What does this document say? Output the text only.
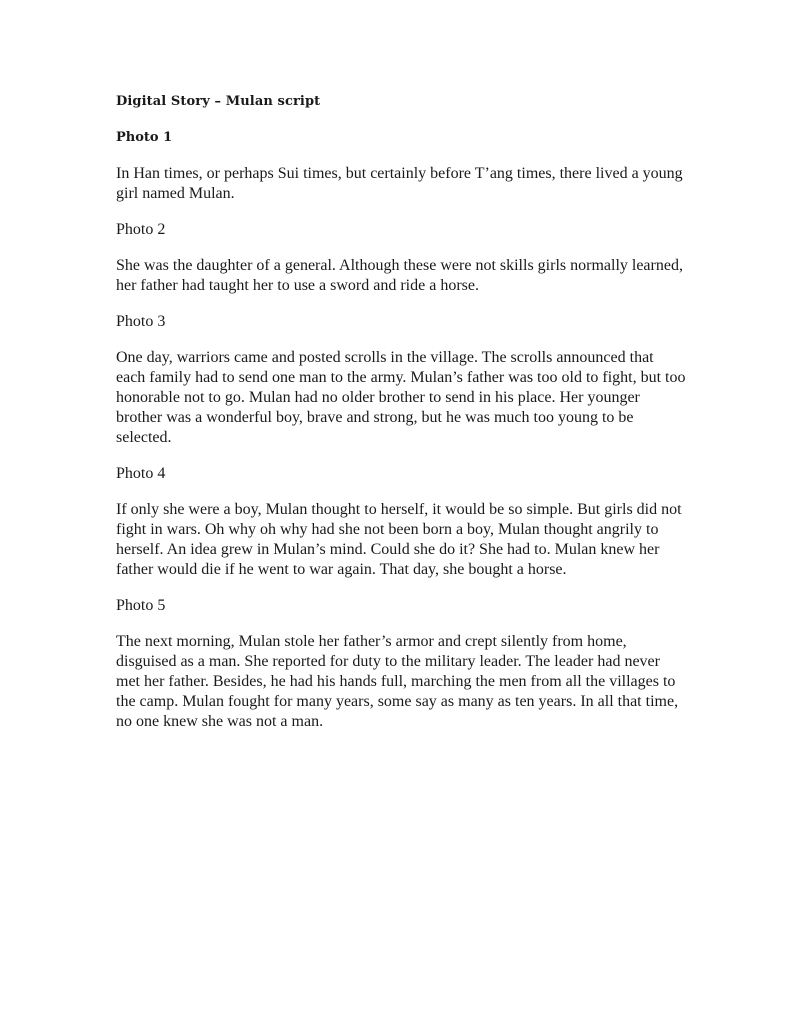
Digital Story – Mulan script
Photo 1
In Han times, or perhaps Sui times, but certainly before T’ang times, there lived a young girl named Mulan.
Photo 2
She was the daughter of a general. Although these were not skills girls normally learned, her father had taught her to use a sword and ride a horse.
Photo 3
One day, warriors came and posted scrolls in the village. The scrolls announced that each family had to send one man to the army. Mulan’s father was too old to fight, but too honorable not to go. Mulan had no older brother to send in his place. Her younger brother was a wonderful boy, brave and strong, but he was much too young to be selected.
Photo 4
If only she were a boy, Mulan thought to herself, it would be so simple. But girls did not fight in wars. Oh why oh why had she not been born a boy, Mulan thought angrily to herself. An idea grew in Mulan’s mind. Could she do it? She had to. Mulan knew her father would die if he went to war again. That day, she bought a horse.
Photo 5
The next morning, Mulan stole her father’s armor and crept silently from home, disguised as a man. She reported for duty to the military leader. The leader had never met her father. Besides, he had his hands full, marching the men from all the villages to the camp. Mulan fought for many years, some say as many as ten years. In all that time, no one knew she was not a man.
